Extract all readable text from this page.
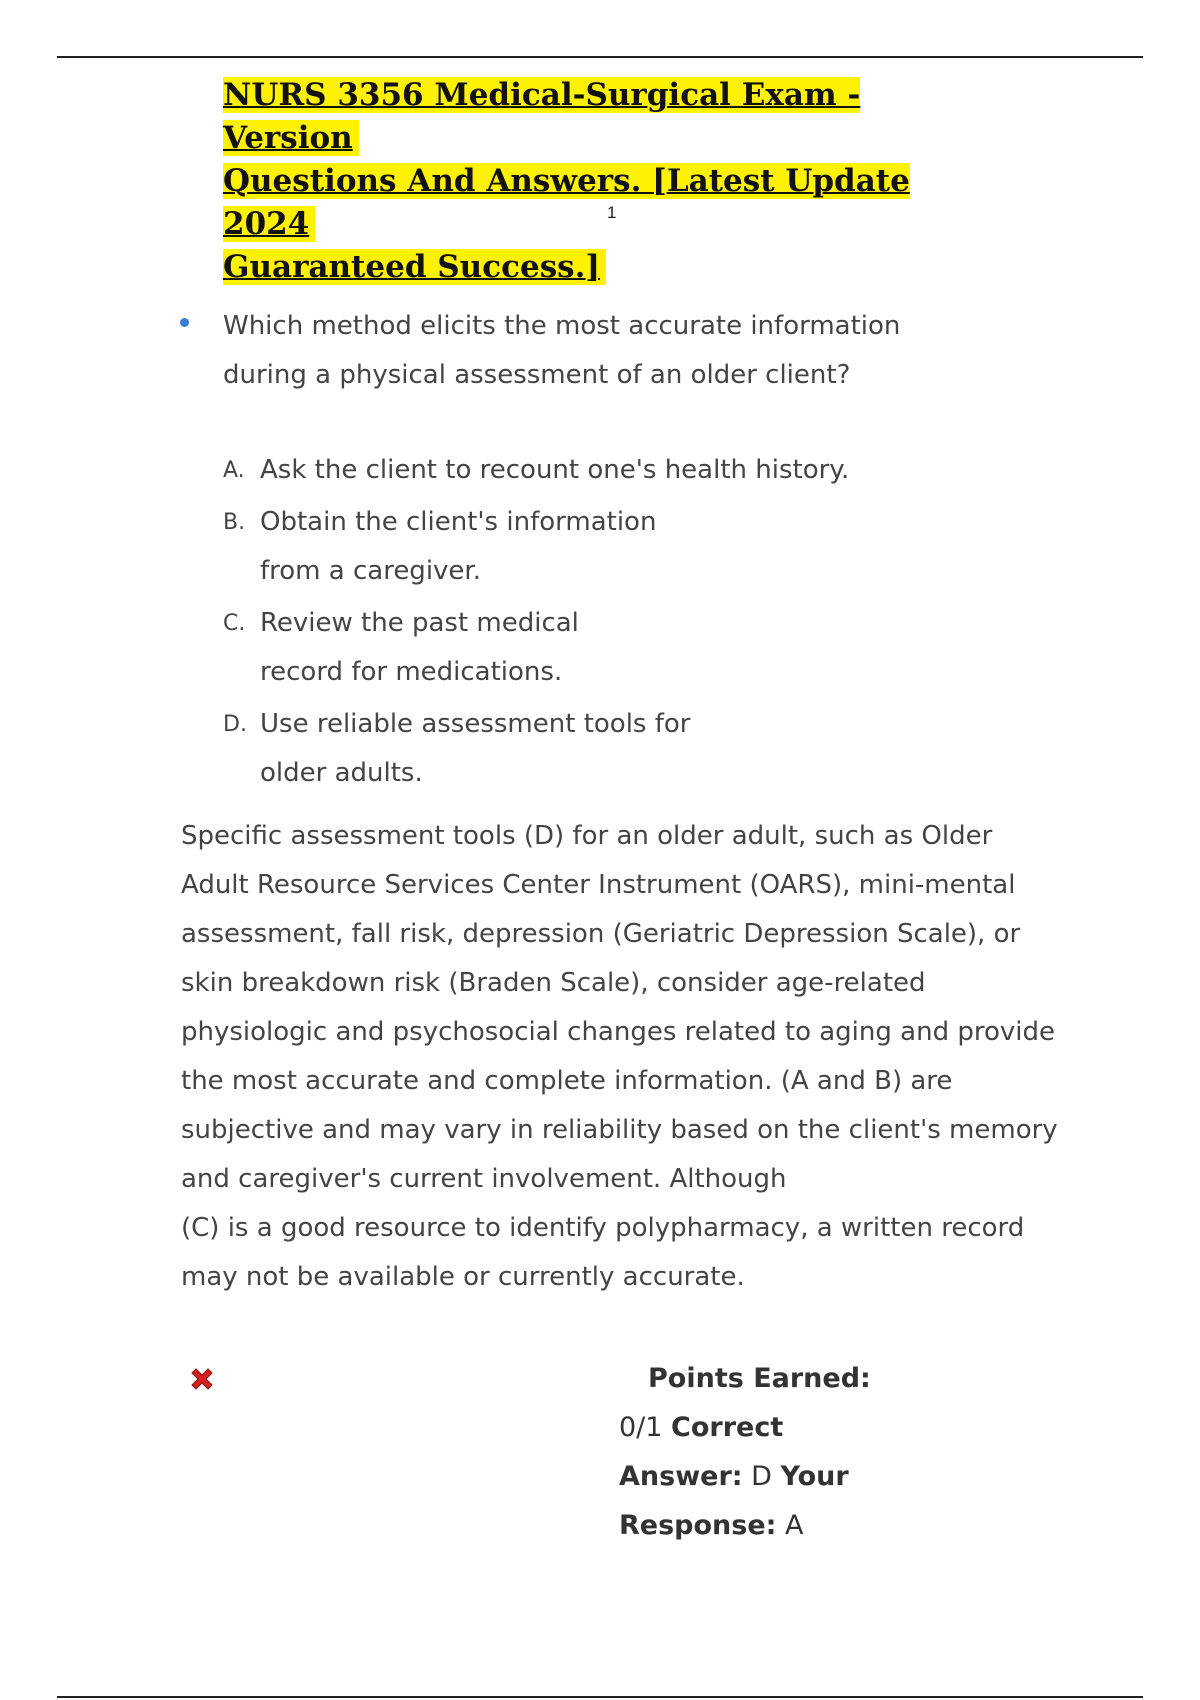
NURS 3356 Medical-Surgical Exam - Version
Questions And Answers. [Latest Update 2024
Guaranteed Success.]
1
Which method elicits the most accurate information during a physical assessment of an older client?
A. Ask the client to recount one's health history.
B. Obtain the client's information from a caregiver.
C. Review the past medical record for medications.
D. Use reliable assessment tools for older adults.

Specific assessment tools (D) for an older adult, such as Older Adult Resource Services Center Instrument (OARS), mini-mental assessment, fall risk, depression (Geriatric Depression Scale), or skin breakdown risk (Braden Scale), consider age-related physiologic and psychosocial changes related to aging and provide the most accurate and complete information. (A and B) are subjective and may vary in reliability based on the client's memory and caregiver's current involvement. Although

(C) is a good resource to identify polypharmacy, a written record may not be available or currently accurate.

Points Earned:
0/1 Correct
Answer: D Your
Response: A
